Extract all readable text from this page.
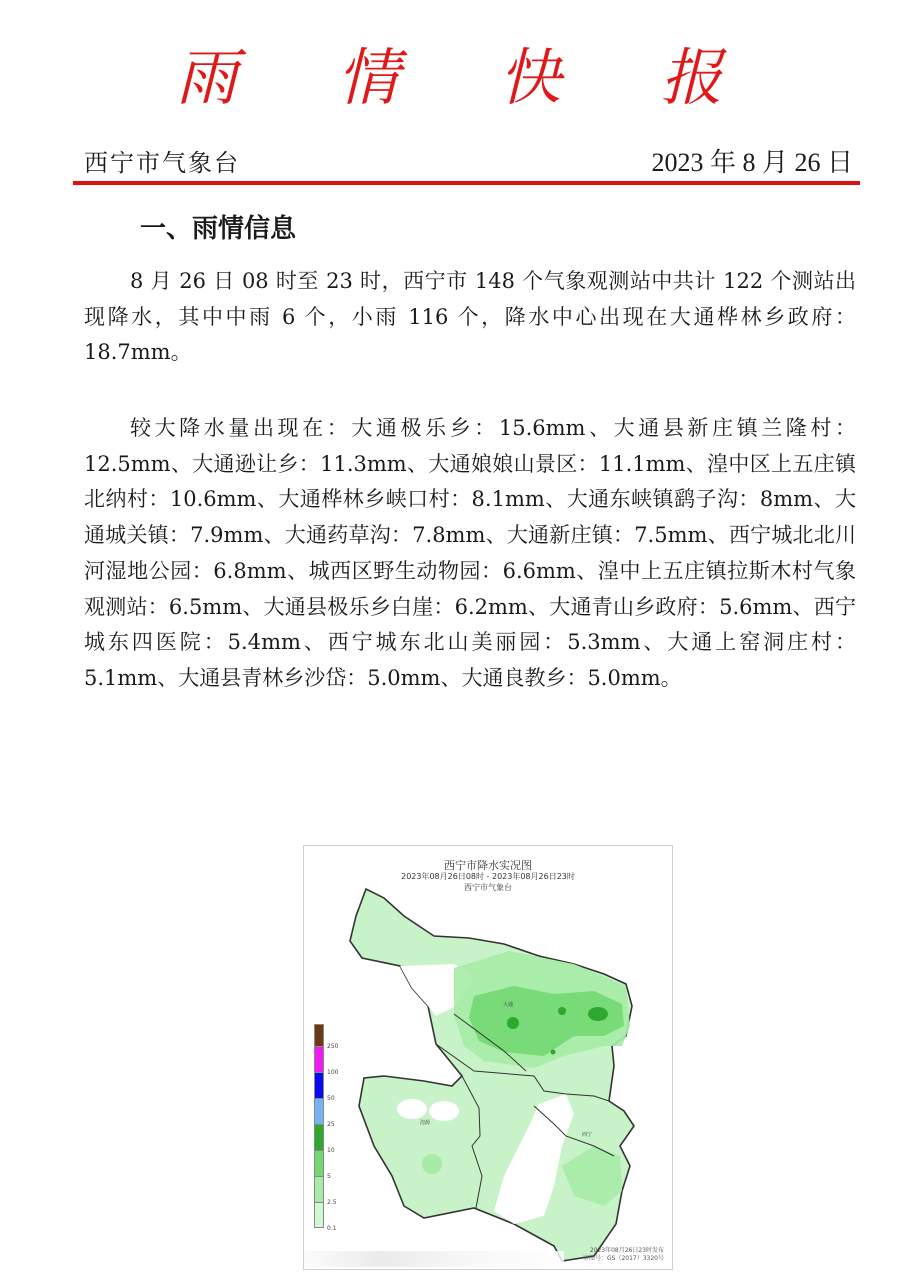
雨 情 快 报
西宁市气象台	2023 年 8 月 26 日
一、雨情信息
8 月 26 日 08 时至 23 时，西宁市 148 个气象观测站中共计 122 个测站出现降水，其中中雨 6 个，小雨 116 个，降水中心出现在大通桦林乡政府：18.7mm。
较大降水量出现在：大通极乐乡：15.6mm、大通县新庄镇兰隆村：12.5mm、大通逊让乡：11.3mm、大通娘娘山景区：11.1mm、湟中区上五庄镇北纳村：10.6mm、大通桦林乡峡口村：8.1mm、大通东峡镇鹞子沟：8mm、大通城关镇：7.9mm、大通药草沟：7.8mm、大通新庄镇：7.5mm、西宁城北北川河湿地公园：6.8mm、城西区野生动物园：6.6mm、湟中上五庄镇拉斯木村气象观测站：6.5mm、大通县极乐乡白崖：6.2mm、大通青山乡政府：5.6mm、西宁城东四医院：5.4mm、西宁城东北山美丽园：5.3mm、大通上窑洞庄村：5.1mm、大通县青林乡沙岱：5.0mm、大通良教乡：5.0mm。
大通
湟源
西宁
西宁市降水实况图
2023年08月26日08时 - 2023年08月26日23时
西宁市气象台
250
100
50
25
10
5
2.5
0.1
2023年08月26日23时发布
审图号：GS（2017）3320号
